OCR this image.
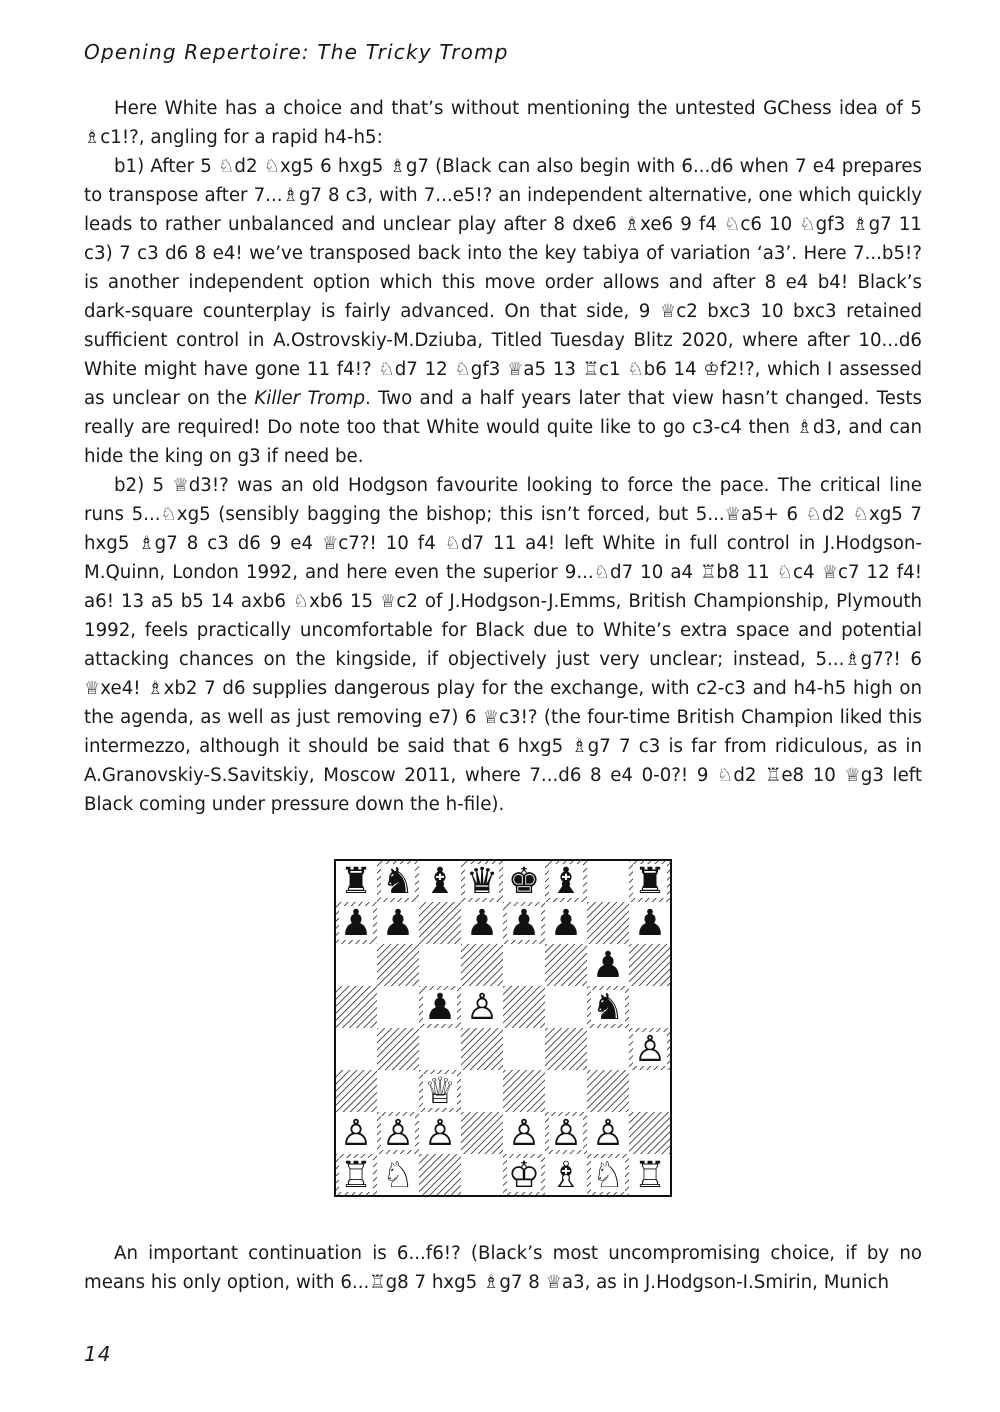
Opening Repertoire: The Tricky Tromp

Here White has a choice and that’s without mentioning the untested GChess idea of 5 ♗c1!?, angling for a rapid h4-h5:

b1) After 5 ♘d2 ♘xg5 6 hxg5 ♗g7 (Black can also begin with 6...d6 when 7 e4 prepares to transpose after 7...♗g7 8 c3, with 7...e5!? an independent alternative, one which quickly leads to rather unbalanced and unclear play after 8 dxe6 ♗xe6 9 f4 ♘c6 10 ♘gf3 ♗g7 11 c3) 7 c3 d6 8 e4! we’ve transposed back into the key tabiya of variation ‘a3’. Here 7...b5!? is another independent option which this move order allows and after 8 e4 b4! Black’s dark-square counterplay is fairly advanced. On that side, 9 ♕c2 bxc3 10 bxc3 retained sufficient control in A.Ostrovskiy-M.Dziuba, Titled Tuesday Blitz 2020, where after 10...d6 White might have gone 11 f4!? ♘d7 12 ♘gf3 ♕a5 13 ♖c1 ♘b6 14 ♔f2!?, which I assessed as unclear on the Killer Tromp. Two and a half years later that view hasn’t changed. Tests really are required! Do note too that White would quite like to go c3-c4 then ♗d3, and can hide the king on g3 if need be.

b2) 5 ♕d3!? was an old Hodgson favourite looking to force the pace. The critical line runs 5...♘xg5 (sensibly bagging the bishop; this isn’t forced, but 5...♕a5+ 6 ♘d2 ♘xg5 7 hxg5 ♗g7 8 c3 d6 9 e4 ♕c7?! 10 f4 ♘d7 11 a4! left White in full control in J.Hodgson-M.Quinn, London 1992, and here even the superior 9...♘d7 10 a4 ♖b8 11 ♘c4 ♕c7 12 f4! a6! 13 a5 b5 14 axb6 ♘xb6 15 ♕c2 of J.Hodgson-J.Emms, British Championship, Plymouth 1992, feels practically uncomfortable for Black due to White’s extra space and potential attacking chances on the kingside, if objectively just very unclear; instead, 5...♗g7?! 6 ♕xe4! ♗xb2 7 d6 supplies dangerous play for the exchange, with c2-c3 and h4-h5 high on the agenda, as well as just removing e7) 6 ♕c3!? (the four-time British Champion liked this intermezzo, although it should be said that 6 hxg5 ♗g7 7 c3 is far from ridiculous, as in A.Granovskiy-S.Savitskiy, Moscow 2011, where 7...d6 8 e4 0-0?! 9 ♘d2 ♖e8 10 ♕g3 left Black coming under pressure down the h-file).

♜ ♞ ♝ ♛ ♚ ♝ ♜
♟ ♟ ♟ ♟ ♟ ♟
♟
♟ ♙	♞
♙
♕
♙ ♙ ♙ ♙ ♙ ♙
♖ ♘	♔ ♗ ♘ ♖

An important continuation is 6...f6!? (Black’s most uncompromising choice, if by no means his only option, with 6...♖g8 7 hxg5 ♗g7 8 ♕a3, as in J.Hodgson-I.Smirin, Munich

14
